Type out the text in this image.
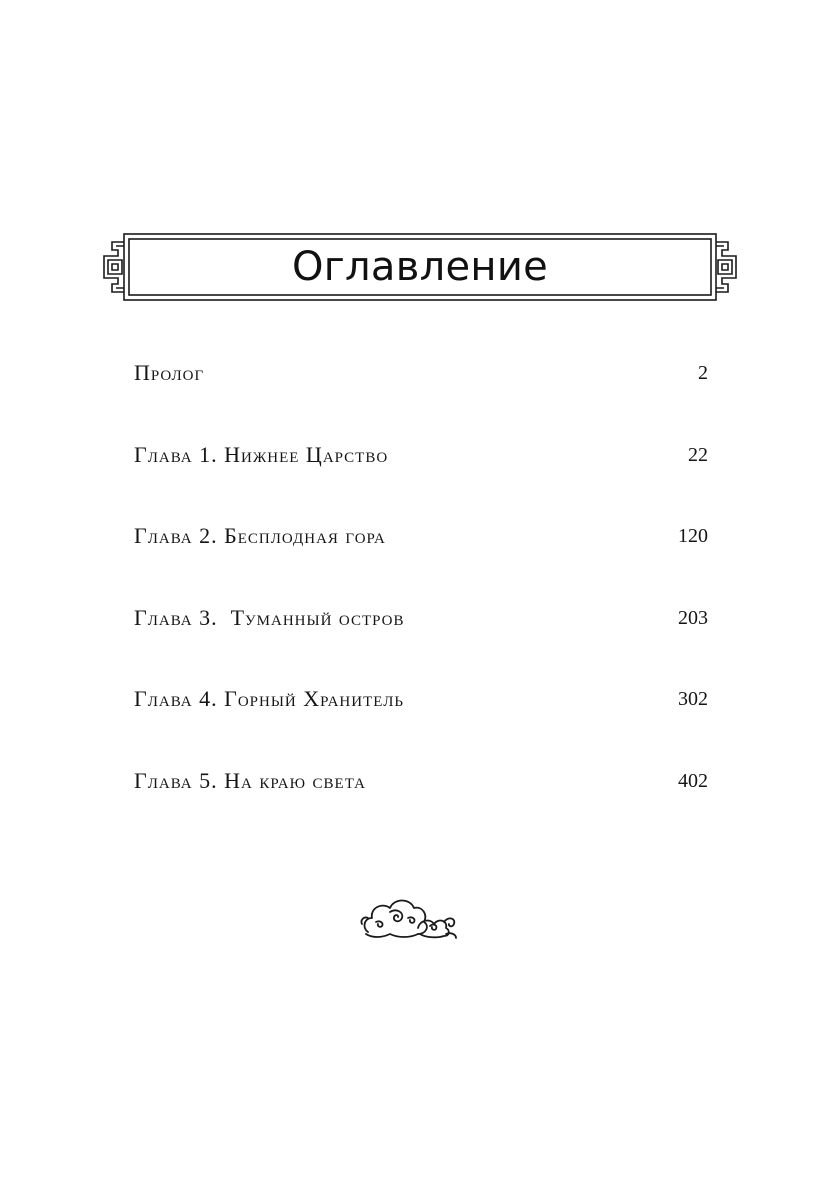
Оглавление
Пролог	2
Глава 1. Нижнее Царство	22
Глава 2. Бесплодная гора	120
Глава 3.  Туманный остров	203
Глава 4. Горный Хранитель	302
Глава 5. На краю света	402
